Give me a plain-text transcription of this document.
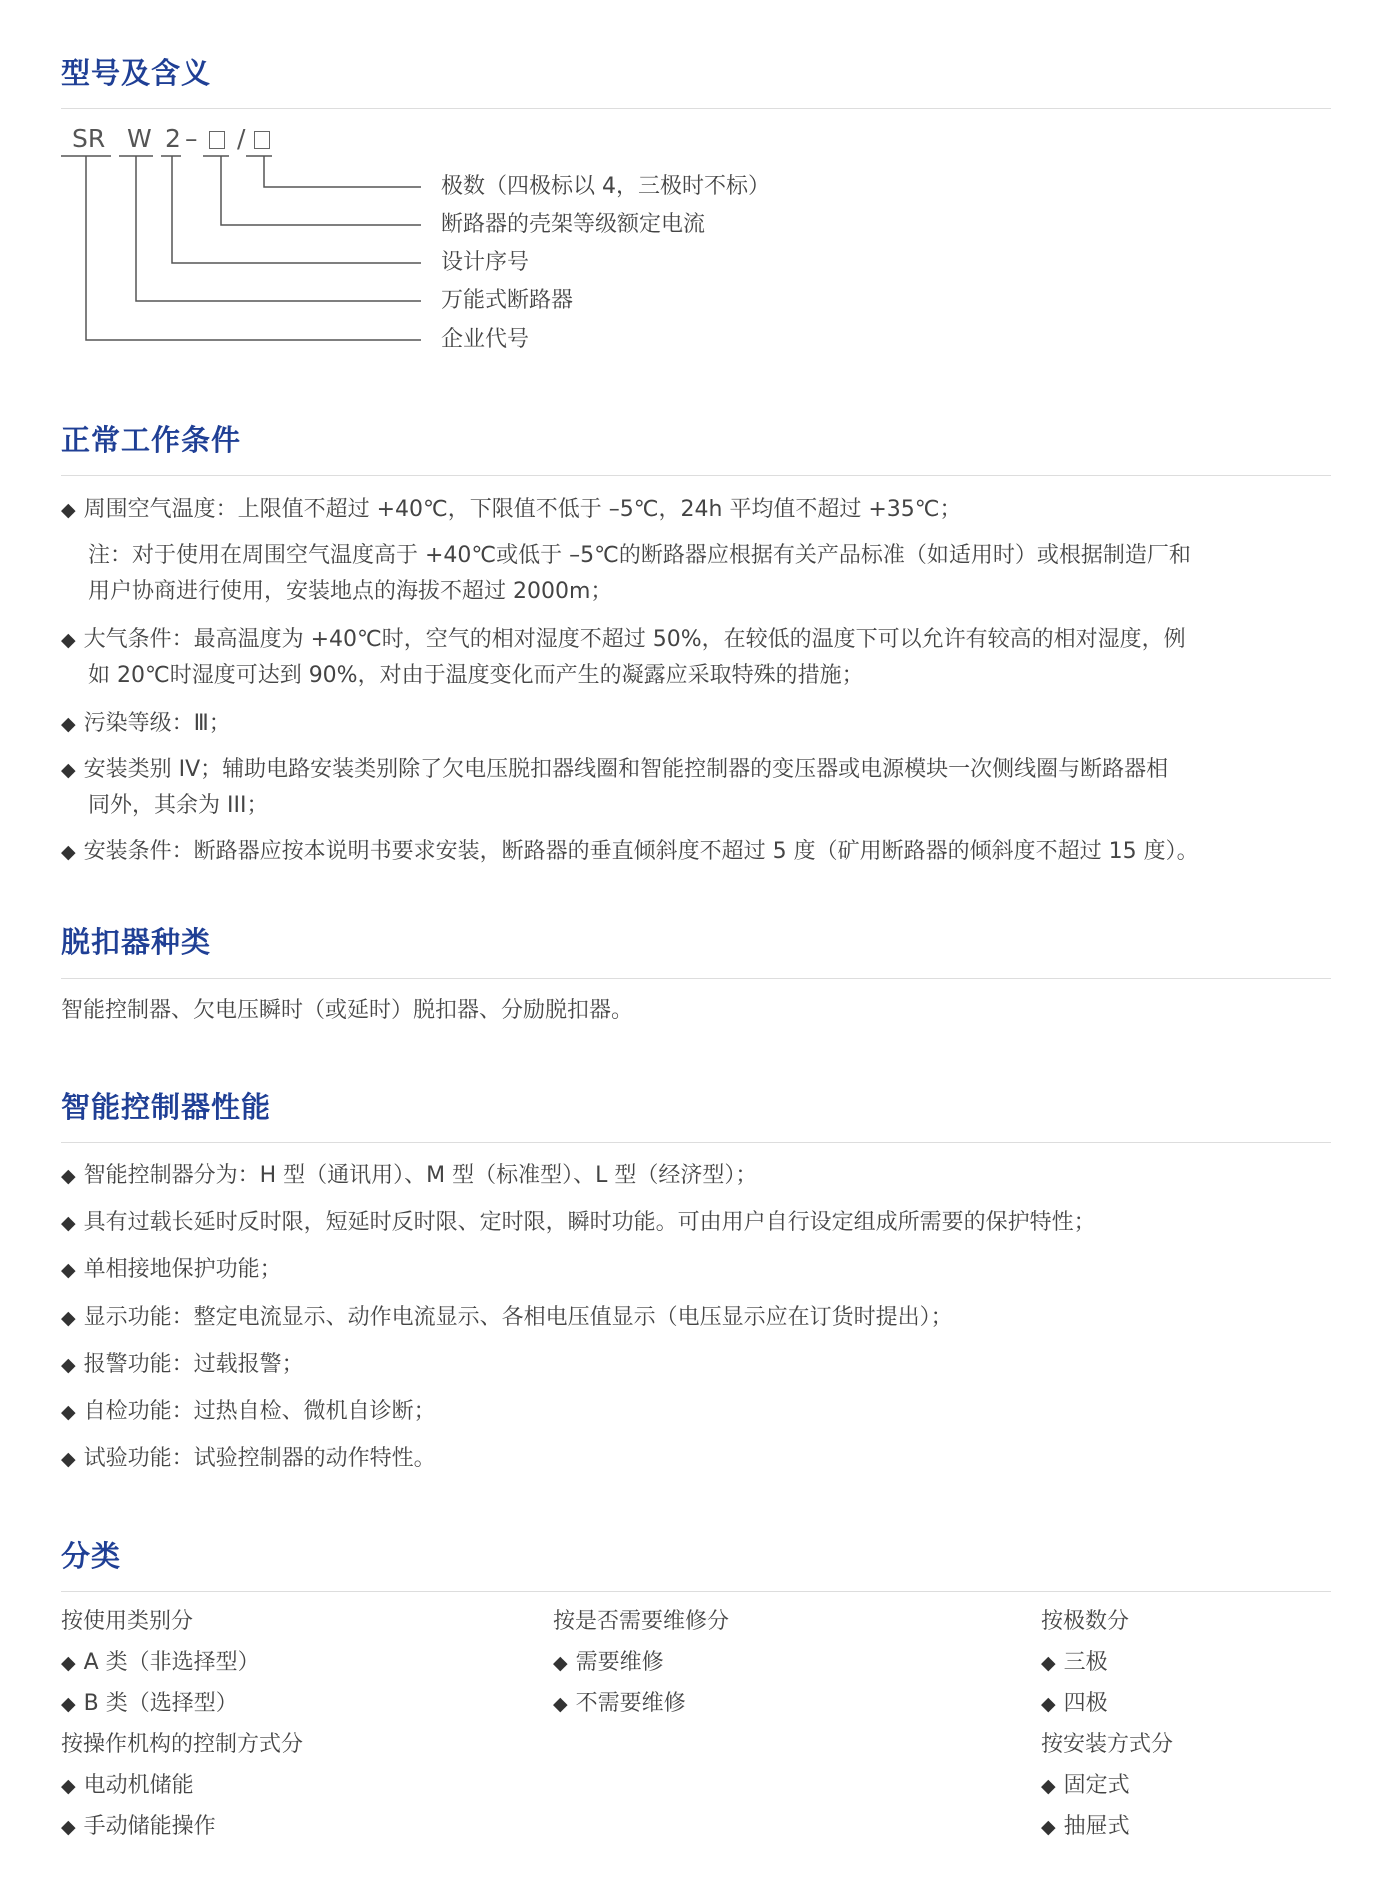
型号及含义
SR W 2 – /
极数（四极标以 4，三极时不标）
断路器的壳架等级额定电流
设计序号
万能式断路器
企业代号
正常工作条件
◆ 周围空气温度：上限值不超过 +40℃，下限值不低于 –5℃，24h 平均值不超过 +35℃；
注：对于使用在周围空气温度高于 +40℃或低于 –5℃的断路器应根据有关产品标准（如适用时）或根据制造厂和
用户协商进行使用，安装地点的海拔不超过 2000m；
◆ 大气条件：最高温度为 +40℃时，空气的相对湿度不超过 50%，在较低的温度下可以允许有较高的相对湿度，例
如 20℃时湿度可达到 90%，对由于温度变化而产生的凝露应采取特殊的措施；
◆ 污染等级：Ⅲ；
◆ 安装类别 IV；辅助电路安装类别除了欠电压脱扣器线圈和智能控制器的变压器或电源模块一次侧线圈与断路器相
同外，其余为 III；
◆ 安装条件：断路器应按本说明书要求安装，断路器的垂直倾斜度不超过 5 度（矿用断路器的倾斜度不超过 15 度）。
脱扣器种类
智能控制器、欠电压瞬时（或延时）脱扣器、分励脱扣器。
智能控制器性能
◆ 智能控制器分为：H 型（通讯用）、M 型（标准型）、L 型（经济型）；
◆ 具有过载长延时反时限，短延时反时限、定时限，瞬时功能。可由用户自行设定组成所需要的保护特性；
◆ 单相接地保护功能；
◆ 显示功能：整定电流显示、动作电流显示、各相电压值显示（电压显示应在订货时提出）；
◆ 报警功能：过载报警；
◆ 自检功能：过热自检、微机自诊断；
◆ 试验功能：试验控制器的动作特性。
分类
按使用类别分
◆ A 类（非选择型）
◆ B 类（选择型）
按操作机构的控制方式分
◆ 电动机储能
◆ 手动储能操作
按是否需要维修分
◆ 需要维修
◆ 不需要维修
按极数分
◆ 三极
◆ 四极
按安装方式分
◆ 固定式
◆ 抽屉式
